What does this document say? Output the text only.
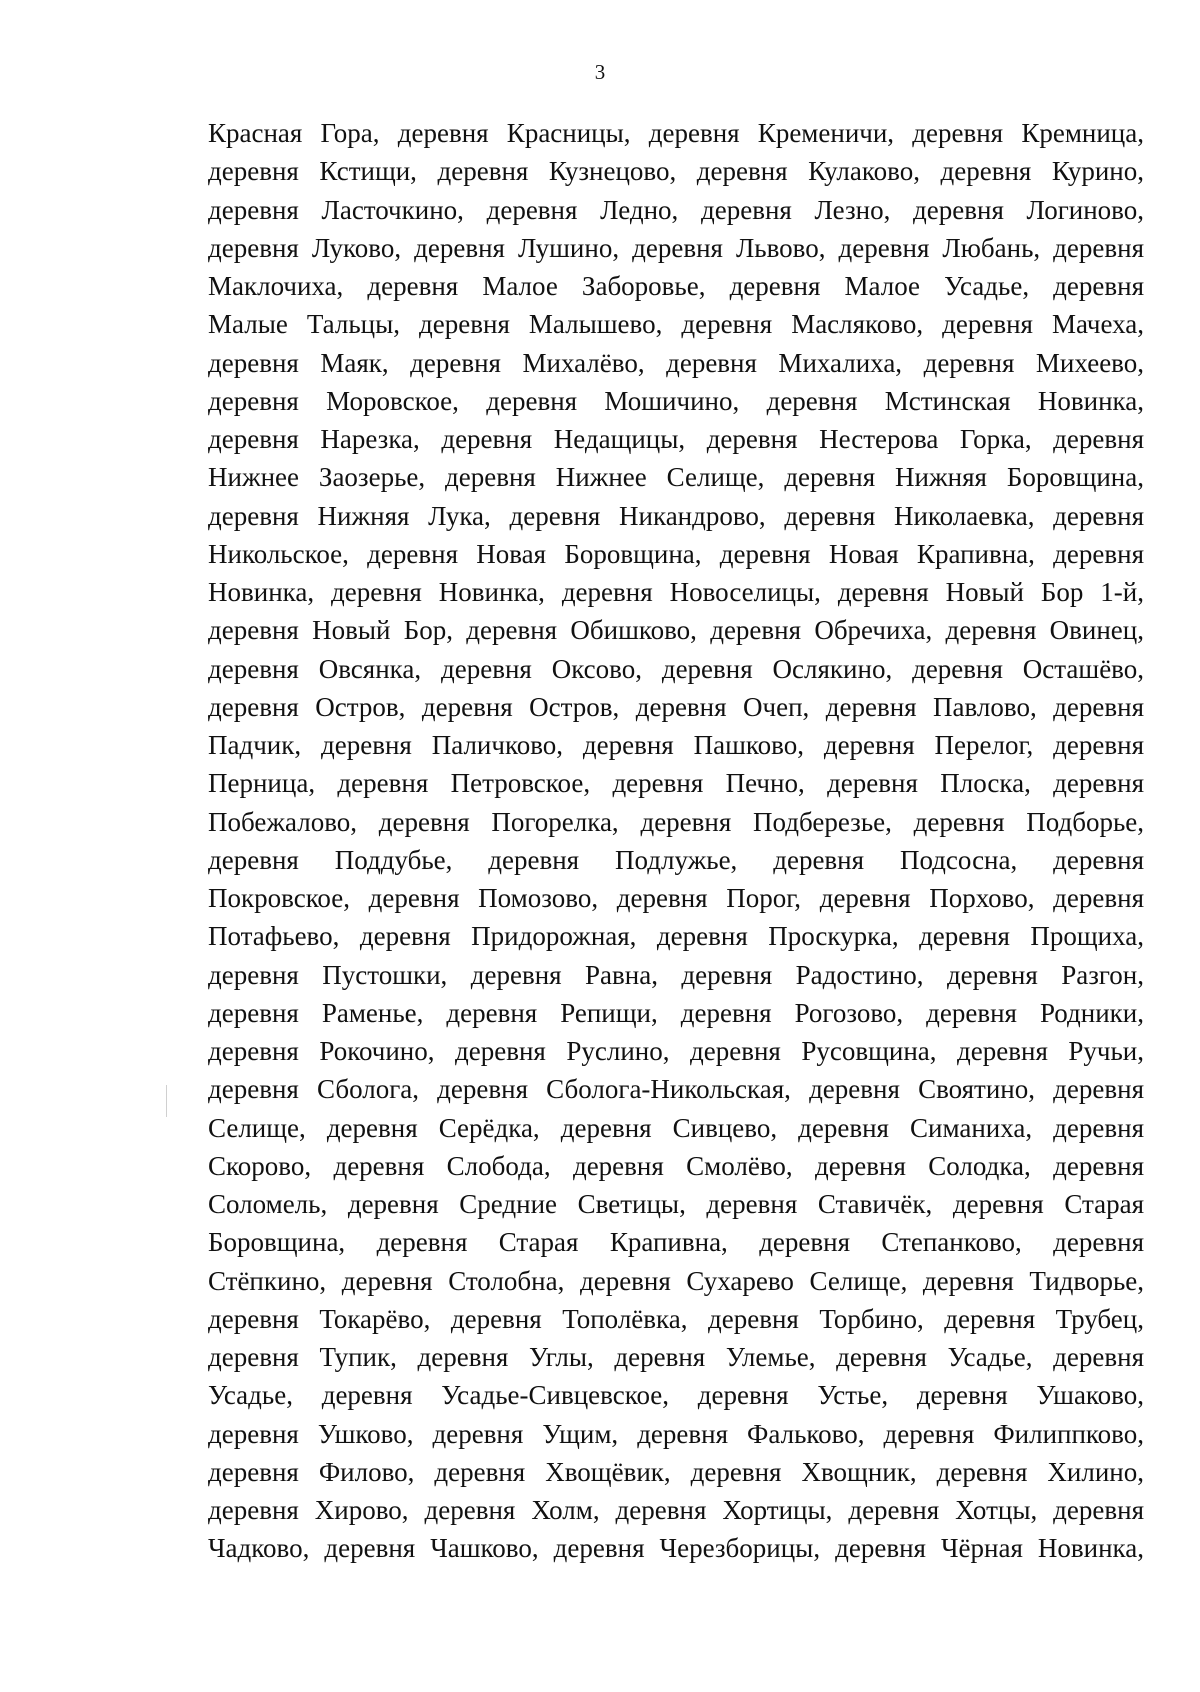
3
Красная Гора, деревня Красницы, деревня Кременичи, деревня Кремница,
деревня Кстищи, деревня Кузнецово, деревня Кулаково, деревня Курино,
деревня Ласточкино, деревня Ледно, деревня Лезно, деревня Логиново,
деревня Луково, деревня Лушино, деревня Львово, деревня Любань, деревня
Маклочиха, деревня Малое Заборовье, деревня Малое Усадье, деревня
Малые Тальцы, деревня Малышево, деревня Масляково, деревня Мачеха,
деревня Маяк, деревня Михалёво, деревня Михалиха, деревня Михеево,
деревня Моровское, деревня Мошичино, деревня Мстинская Новинка,
деревня Нарезка, деревня Недащицы, деревня Нестерова Горка, деревня
Нижнее Заозерье, деревня Нижнее Селище, деревня Нижняя Боровщина,
деревня Нижняя Лука, деревня Никандрово, деревня Николаевка, деревня
Никольское, деревня Новая Боровщина, деревня Новая Крапивна, деревня
Новинка, деревня Новинка, деревня Новоселицы, деревня Новый Бор 1-й,
деревня Новый Бор, деревня Обишково, деревня Обречиха, деревня Овинец,
деревня Овсянка, деревня Оксово, деревня Ослякино, деревня Осташёво,
деревня Остров, деревня Остров, деревня Очеп, деревня Павлово, деревня
Падчик, деревня Паличково, деревня Пашково, деревня Перелог, деревня
Перница, деревня Петровское, деревня Печно, деревня Плоска, деревня
Побежалово, деревня Погорелка, деревня Подберезье, деревня Подборье,
деревня Поддубье, деревня Подлужье, деревня Подсосна, деревня
Покровское, деревня Помозово, деревня Порог, деревня Порхово, деревня
Потафьево, деревня Придорожная, деревня Проскурка, деревня Прощиха,
деревня Пустошки, деревня Равна, деревня Радостино, деревня Разгон,
деревня Раменье, деревня Репищи, деревня Рогозово, деревня Родники,
деревня Рокочино, деревня Руслино, деревня Русовщина, деревня Ручьи,
деревня Сбологa, деревня Сбологa-Никольская, деревня Своятино, деревня
Селище, деревня Серёдка, деревня Сивцево, деревня Симаниха, деревня
Скорово, деревня Слобода, деревня Смолёво, деревня Солодка, деревня
Соломель, деревня Средние Светицы, деревня Ставичёк, деревня Старая
Боровщина, деревня Старая Крапивна, деревня Степанково, деревня
Стёпкино, деревня Столобна, деревня Сухарево Селище, деревня Тидворье,
деревня Токарёво, деревня Тополёвка, деревня Торбино, деревня Трубец,
деревня Тупик, деревня Углы, деревня Улемье, деревня Усадье, деревня
Усадье, деревня Усадье-Сивцевское, деревня Устье, деревня Ушаково,
деревня Ушково, деревня Ущим, деревня Фальково, деревня Филиппково,
деревня Филово, деревня Хвощёвик, деревня Хвощник, деревня Хилино,
деревня Хирово, деревня Холм, деревня Хортицы, деревня Хотцы, деревня
Чадково, деревня Чашково, деревня Черезборицы, деревня Чёрная Новинка,
